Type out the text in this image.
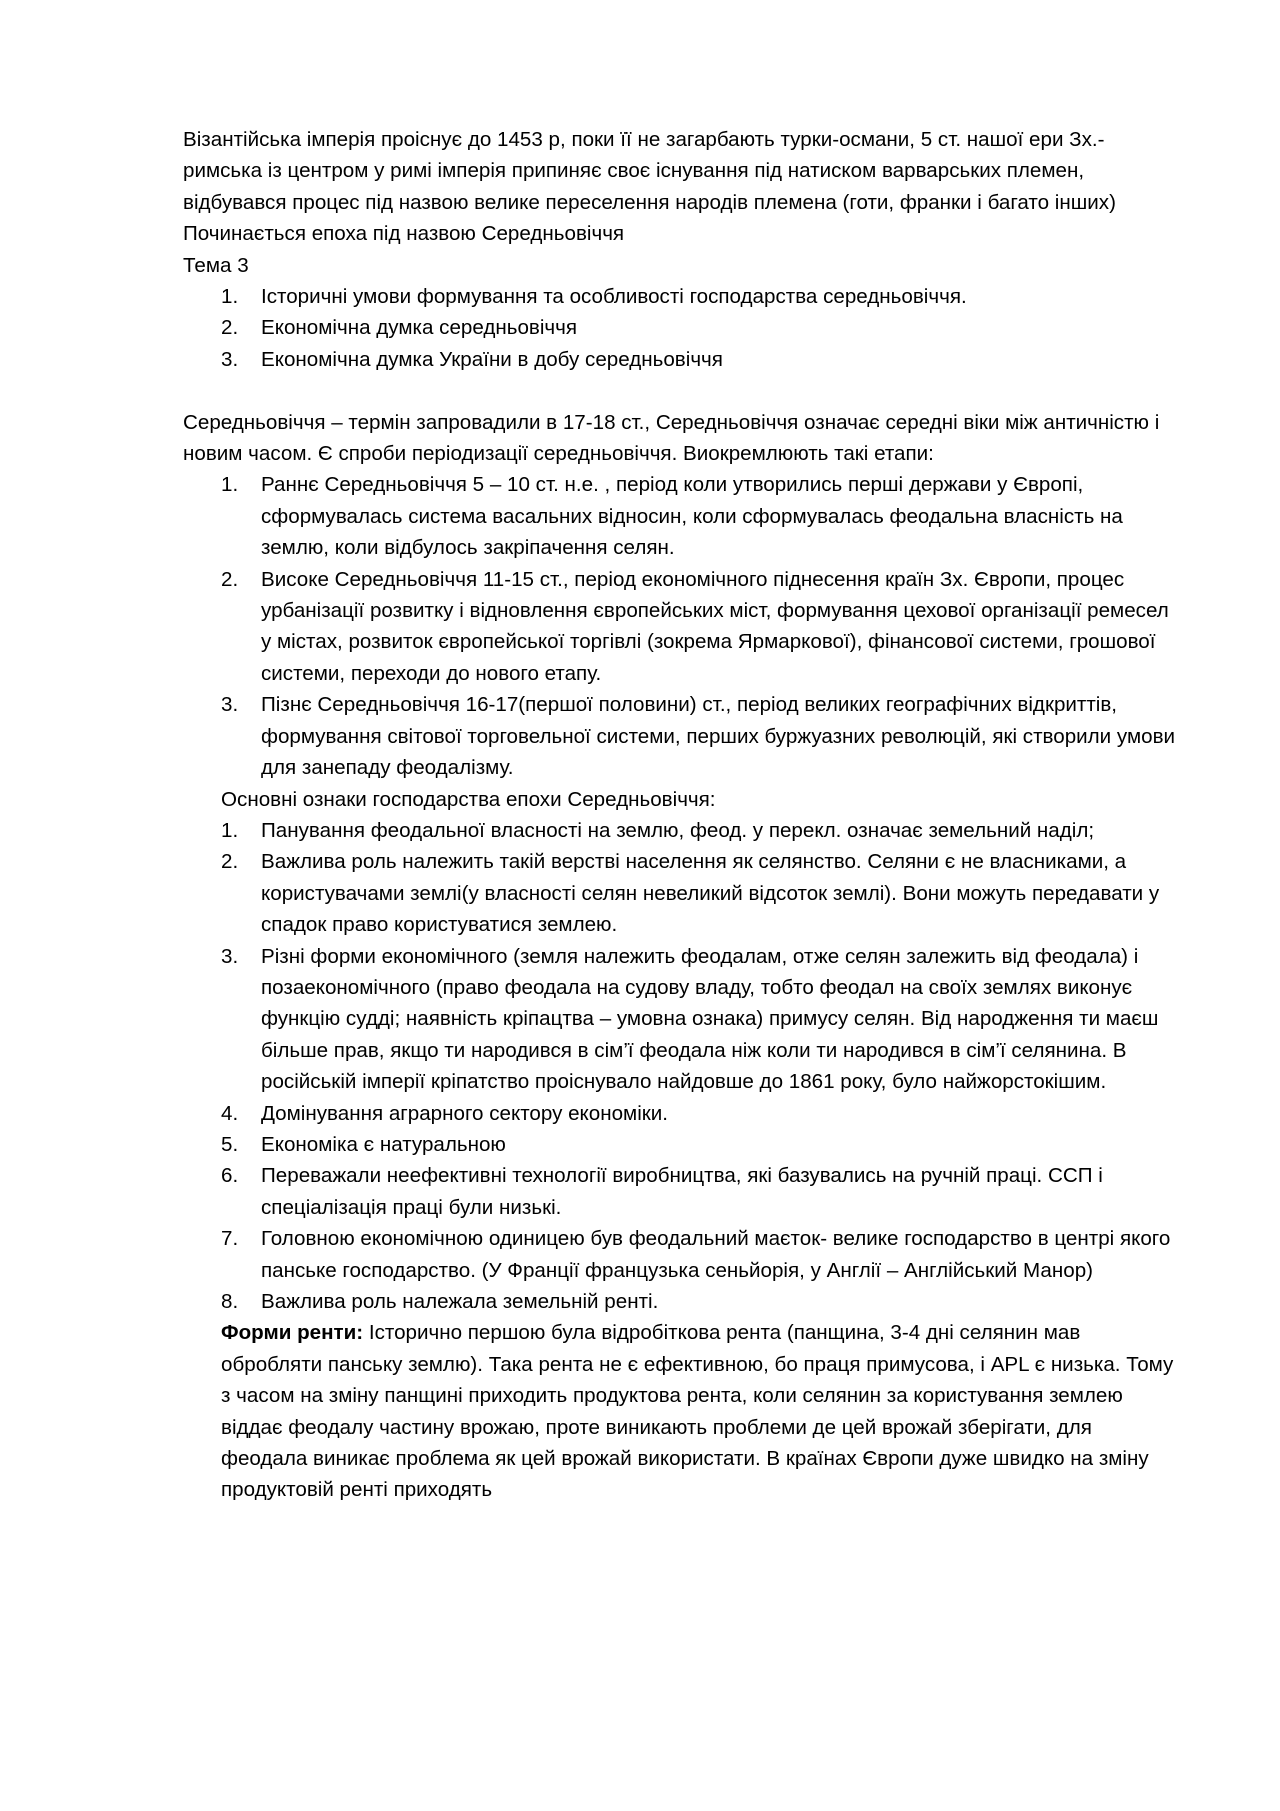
Візантійська імперія проіснує до 1453 р, поки її не загарбають турки-османи, 5 ст. нашої ери Зх.-римська із центром у римі імперія припиняє своє існування під натиском варварських племен, відбувався процес під назвою велике переселення народів племена (готи, франки і багато інших)

Починається епоха під назвою Середньовіччя

Тема 3

1. Історичні умови формування та особливості господарства середньовіччя.
2. Економічна думка середньовіччя
3. Економічна думка України в добу середньовіччя

Середньовіччя – термін запровадили в 17-18 ст., Середньовіччя означає середні віки між античністю і новим часом. Є спроби періодизації середньовіччя. Виокремлюють такі етапи:

1. Раннє Середньовіччя 5 – 10 ст. н.е. , період коли утворились перші держави у Європі, сформувалась система васальних відносин, коли сформувалась феодальна власність на землю, коли відбулось закріпачення селян.
2. Високе Середньовіччя 11-15 ст., період економічного піднесення країн Зх. Європи, процес урбанізації розвитку і відновлення європейських міст, формування цехової організації ремесел у містах, розвиток європейської торгівлі (зокрема Ярмаркової), фінансової системи, грошової системи, переходи до нового етапу.
3. Пізнє Середньовіччя 16-17(першої половини) ст., період великих географічних відкриттів, формування світової торговельної системи, перших буржуазних революцій, які створили умови для занепаду феодалізму.

Основні ознаки господарства епохи Середньовіччя:

1. Панування феодальної власності на землю, феод. у перекл. означає земельний наділ;
2. Важлива роль належить такій верстві населення як селянство. Селяни є не власниками, а користувачами землі(у власності селян невеликий відсоток землі). Вони можуть передавати у спадок право користуватися землею.
3. Різні форми економічного (земля належить феодалам, отже селян залежить від феодала) і позаекономічного (право феодала на судову владу, тобто феодал на своїх землях виконує функцію судді; наявність кріпацтва – умовна ознака) примусу селян. Від народження ти маєш більше прав, якщо ти народився в сім’ї феодала ніж коли ти народився в сім’ї селянина. В російській імперії кріпатство проіснувало найдовше до 1861 року, було найжорстокішим.
4. Домінування аграрного сектору економіки.
5. Економіка є натуральною
6. Переважали неефективні технології виробництва, які базувались на ручній праці. ССП і спеціалізація праці були низькі.
7. Головною економічною одиницею був феодальний маєток- велике господарство в центрі якого панське господарство. (У Франції французька сеньйорія, у Англії – Англійський Манор)
8. Важлива роль належала земельній ренті.

Форми ренти: Історично першою була відробіткова рента (панщина, 3-4 дні селянин мав обробляти панську землю). Така рента не є ефективною, бо праця примусова, і APL є низька. Тому з часом на зміну панщині приходить продуктова рента, коли селянин за користування землею віддає феодалу частину врожаю, проте виникають проблеми де цей врожай зберігати, для феодала виникає проблема як цей врожай використати. В країнах Європи дуже швидко на зміну продуктовій ренті приходять
